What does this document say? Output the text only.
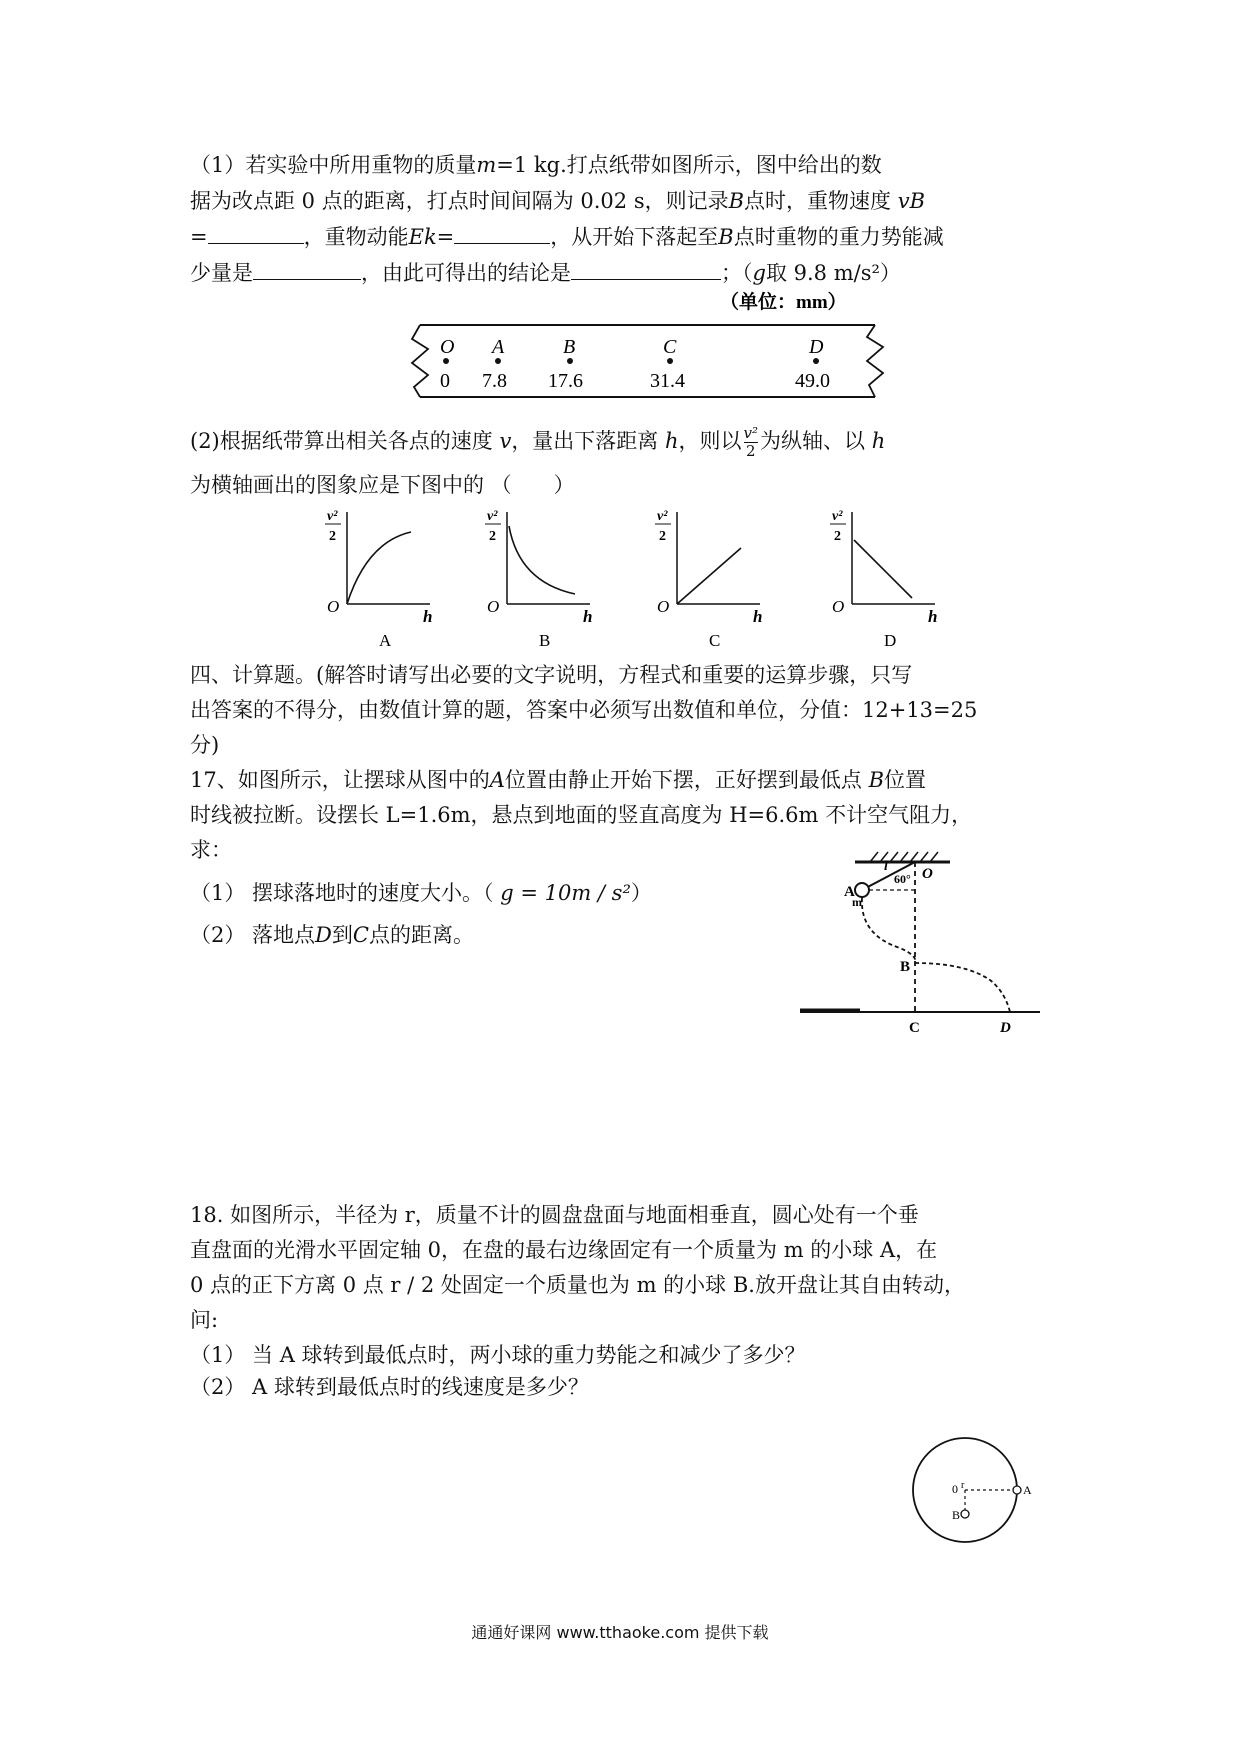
（1）若实验中所用重物的质量m=1 kg.打点纸带如图所示，图中给出的数
据为改点距 0 点的距离，打点时间间隔为 0.02 s，则记录B点时，重物速度 vB
=	，重物动能Ek=	，从开始下落起至B点时重物的重力势能减
少量是	，由此可得出的结论是	；（g取 9.8 m/s²）
（单位：mm）
O
0
A
7.8
B
17.6
C
31.4
D
49.0
(2)根据纸带算出相关各点的速度 v，量出下落距离 h，则以 $\frac{\text{v²}}{2}$ 为纵轴、以 h
为横轴画出的图象应是下图中的 （　　）
v²
2
O
h
A
v²
2
O
h
B
v²
2
O
h
C
v²
2
O
h
D
四、计算题。(解答时请写出必要的文字说明，方程式和重要的运算步骤，只写
出答案的不得分，由数值计算的题，答案中必须写出数值和单位，分值：12+13=25
分)
17、如图所示，让摆球从图中的A位置由静止开始下摆，正好摆到最低点 B位置
时线被拉断。设摆长 L=1.6m，悬点到地面的竖直高度为 H=6.6m 不计空气阻力，
求：
（1） 摆球落地时的速度大小。（ g = 10m / s²）
（2） 落地点D到C点的距离。
O
l
60°
A
m
B
C	D
18. 如图所示，半径为 r，质量不计的圆盘盘面与地面相垂直，圆心处有一个垂
直盘面的光滑水平固定轴 0，在盘的最右边缘固定有一个质量为 m 的小球 A，在
0 点的正下方离 0 点 r / 2 处固定一个质量也为 m 的小球 B.放开盘让其自由转动，
问:
（1） 当 A 球转到最低点时，两小球的重力势能之和减少了多少？
（2） A 球转到最低点时的线速度是多少？
0 r	A
B
通通好课网 www.tthaoke.com 提供下载
